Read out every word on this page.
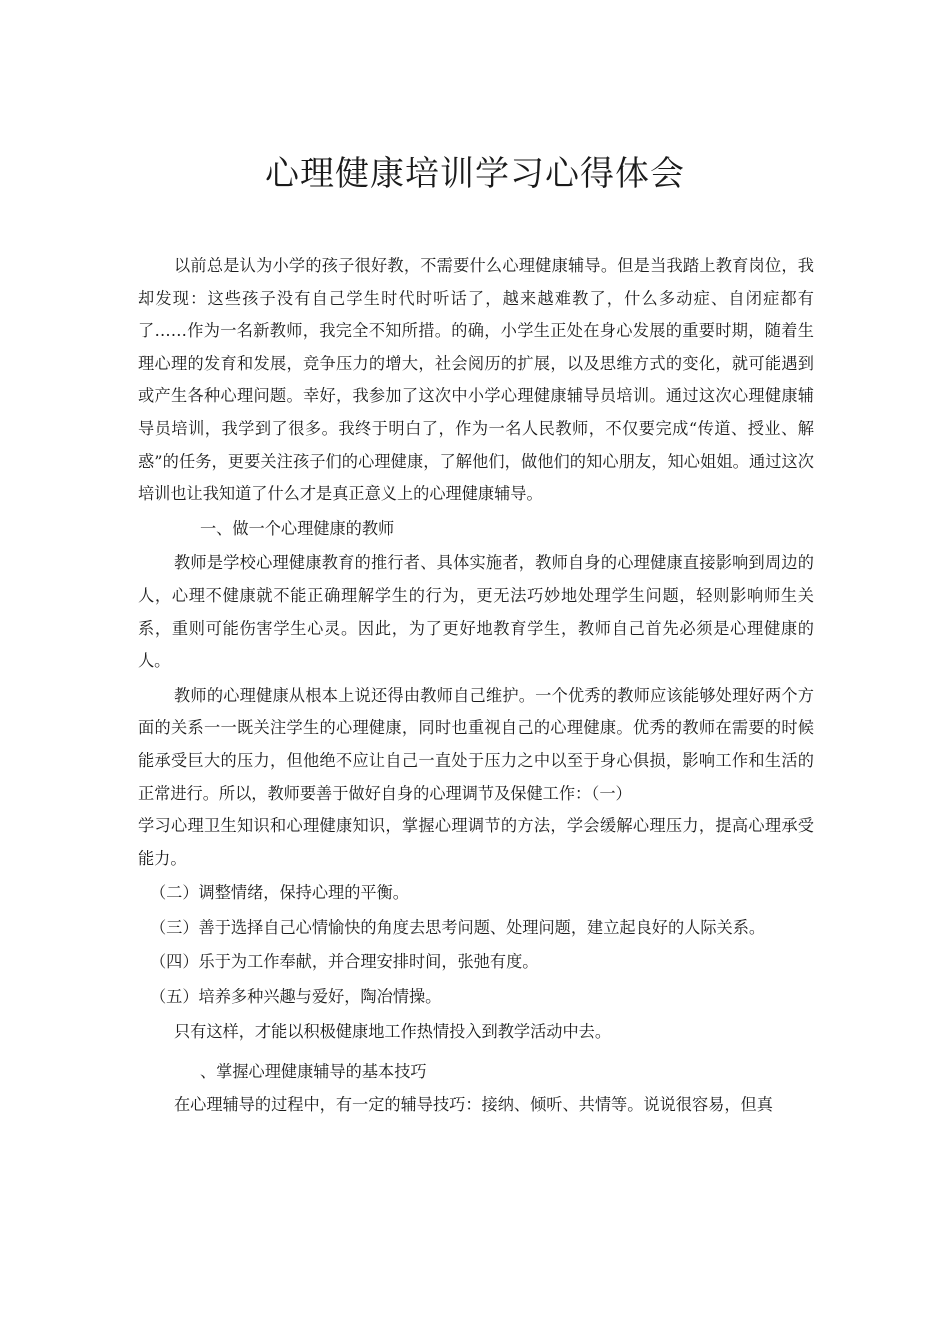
心理健康培训学习心得体会

以前总是认为小学的孩子很好教，不需要什么心理健康辅导。但是当我踏上教育岗位，我却发现：这些孩子没有自己学生时代时听话了，越来越难教了，什么多动症、自闭症都有了……作为一名新教师，我完全不知所措。的确，小学生正处在身心发展的重要时期，随着生理心理的发育和发展，竞争压力的增大，社会阅历的扩展，以及思维方式的变化，就可能遇到或产生各种心理问题。幸好，我参加了这次中小学心理健康辅导员培训。通过这次心理健康辅导员培训，我学到了很多。我终于明白了，作为一名人民教师，不仅要完成“传道、授业、解惑”的任务，更要关注孩子们的心理健康，了解他们，做他们的知心朋友，知心姐姐。通过这次培训也让我知道了什么才是真正意义上的心理健康辅导。

一、做一个心理健康的教师

教师是学校心理健康教育的推行者、具体实施者，教师自身的心理健康直接影响到周边的人，心理不健康就不能正确理解学生的行为，更无法巧妙地处理学生问题，轻则影响师生关系，重则可能伤害学生心灵。因此，为了更好地教育学生，教师自己首先必须是心理健康的人。

教师的心理健康从根本上说还得由教师自己维护。一个优秀的教师应该能够处理好两个方面的关系一一既关注学生的心理健康，同时也重视自己的心理健康。优秀的教师在需要的时候能承受巨大的压力，但他绝不应让自己一直处于压力之中以至于身心俱损，影响工作和生活的正常进行。所以，教师要善于做好自身的心理调节及保健工作：（一）

学习心理卫生知识和心理健康知识，掌握心理调节的方法，学会缓解心理压力，提高心理承受能力。

（二）调整情绪，保持心理的平衡。

（三）善于选择自己心情愉快的角度去思考问题、处理问题，建立起良好的人际关系。

（四）乐于为工作奉献，并合理安排时间，张弛有度。

（五）培养多种兴趣与爱好，陶冶情操。

只有这样，才能以积极健康地工作热情投入到教学活动中去。

、掌握心理健康辅导的基本技巧

在心理辅导的过程中，有一定的辅导技巧：接纳、倾听、共情等。说说很容易，但真
